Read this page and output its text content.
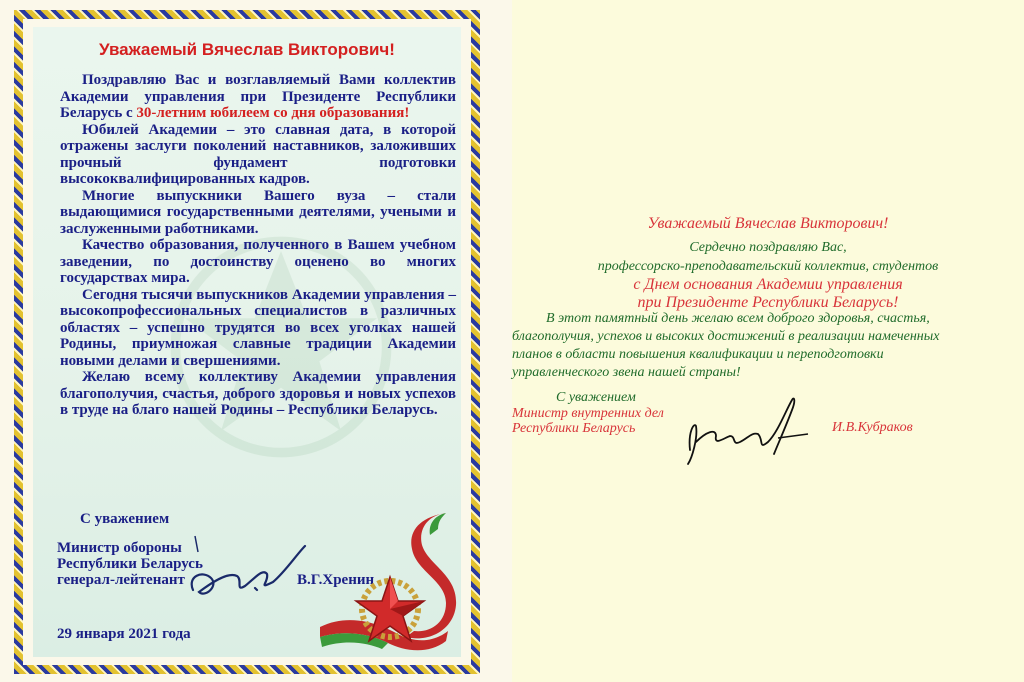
Уважаемый Вячеслав Викторович!

Поздравляю Вас и возглавляемый Вами коллектив Академии управления при Президенте Республики Беларусь с 30-летним юбилеем со дня образования!

Юбилей Академии – это славная дата, в которой отражены заслуги поколений наставников, заложивших прочный фундамент подготовки высококвалифицированных кадров.

Многие выпускники Вашего вуза – стали выдающимися государственными деятелями, учеными и заслуженными работниками.

Качество образования, полученного в Вашем учебном заведении, по достоинству оценено во многих государствах мира.

Сегодня тысячи выпускников Академии управления – высокопрофессиональных специалистов в различных областях – успешно трудятся во всех уголках нашей Родины, приумножая славные традиции Академии новыми делами и свершениями.

Желаю всему коллективу Академии управления благополучия, счастья, доброго здоровья и новых успехов в труде на благо нашей Родины – Республики Беларусь.

С уважением
Министр обороны
Республики Беларусь
генерал-лейтенант	В.Г.Хренин
29 января 2021 года
Уважаемый Вячеслав Викторович!
Сердечно поздравляю Вас,
профессорско-преподавательский коллектив, студентов
с Днем основания Академии управления
при Президенте Республики Беларусь!
В этот памятный день желаю всем доброго здоровья, счастья,
благополучия, успехов и высоких достижений в реализации намеченных
планов в области повышения квалификации и переподготовки
управленческого звена нашей страны!
С уважением
Министр внутренних дел
Республики Беларусь	И.В.Кубраков
